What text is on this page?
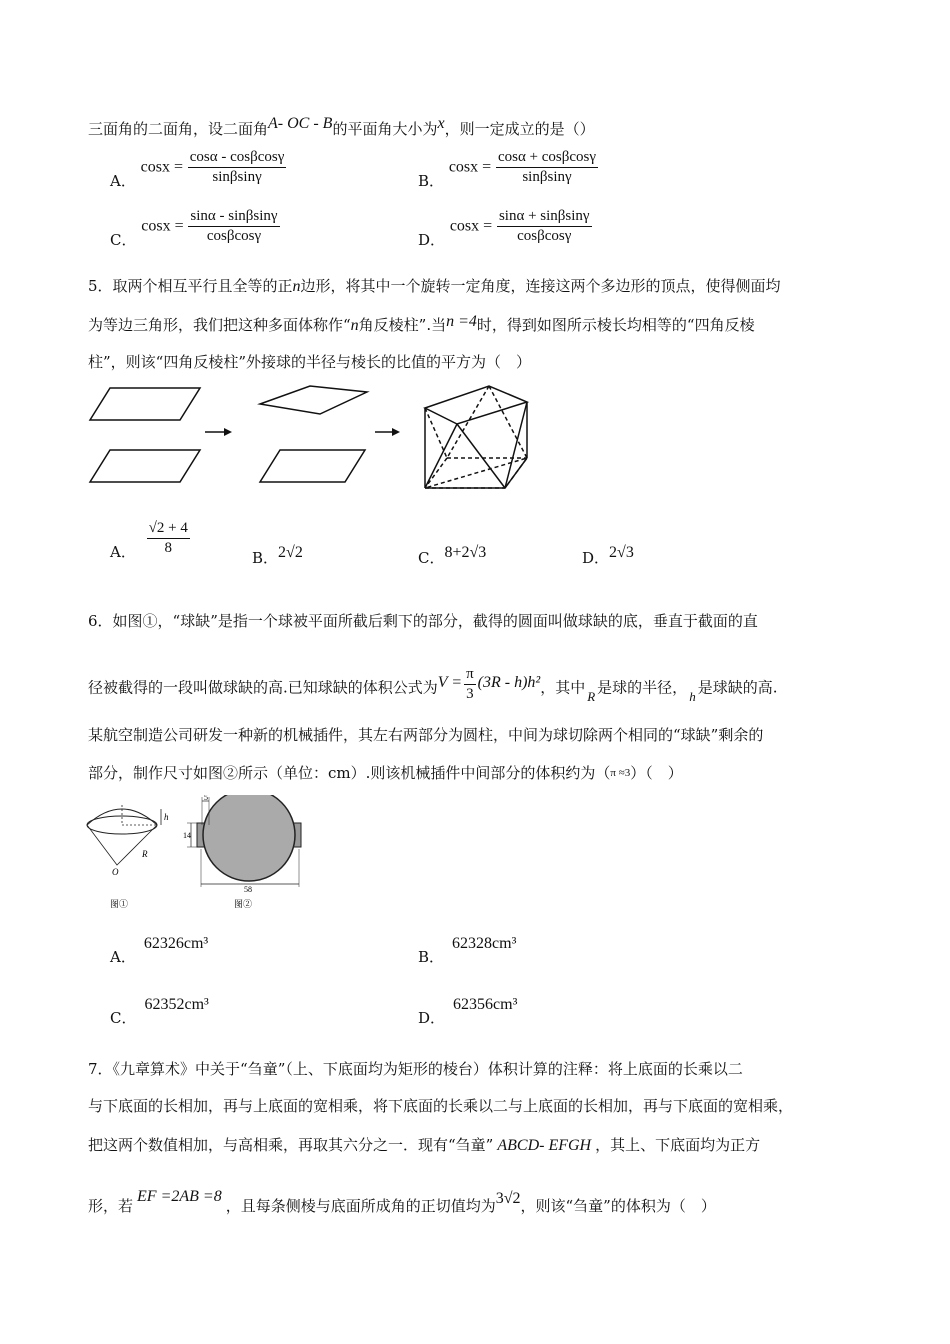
三面角的二面角，设二面角A- OC - B的平面角大小为x，则一定成立的是（）
A． $\cos x = \frac{\cos\alpha - \cos\beta\cos\gamma}{\sin\beta\sin\gamma}$	B． $\cos x = \frac{\cos\alpha + \cos\beta\cos\gamma}{\sin\beta\sin\gamma}$
C． $\cos x = \frac{\sin\alpha - \sin\beta\sin\gamma}{\cos\beta\cos\gamma}$	D． $\cos x = \frac{\sin\alpha + \sin\beta\sin\gamma}{\cos\beta\cos\gamma}$
5．取两个相互平行且全等的正n边形，将其中一个旋转一定角度，连接这两个多边形的顶点，使得侧面均
为等边三角形，我们把这种多面体称作“n角反棱柱”.当n =4时，得到如图所示棱长均相等的“四角反棱
柱”，则该“四角反棱柱”外接球的半径与棱长的比值的平方为（　）
A． $\frac{√2 + 4}{8}$
B．2√2	C．8+2√3	D．2√3
6．如图①，“球缺”是指一个球被平面所截后剩下的部分，截得的圆面叫做球缺的底，垂直于截面的直
径被截得的一段叫做球缺的高.已知球缺的体积公式为$V = \frac{\pi}{3} (3R - h)h^2$，其中 R 是球的半径， h 是球缺的高.
某航空制造公司研发一种新的机械插件，其左右两部分为圆柱，中间为球切除两个相同的“球缺”剩余的
部分，制作尺寸如图②所示（单位：cm）.则该机械插件中间部分的体积约为（π ≈3）（　）
h
R
O
图①
5
14
58
图②
A．62326cm³
B．62328cm³
C．62352cm³
D．62356cm³
7．《九章算术》中关于“刍童”（上、下底面均为矩形的棱台）体积计算的注释：将上底面的长乘以二
与下底面的长相加，再与上底面的宽相乘，将下底面的长乘以二与上底面的长相加，再与下底面的宽相乘，
把这两个数值相加，与高相乘，再取其六分之一．现有“刍童” ABCD- EFGH ，其上、下底面均为正方
形，若EF =2AB =8，且每条侧棱与底面所成角的正切值均为3√2，则该“刍童”的体积为（　）
